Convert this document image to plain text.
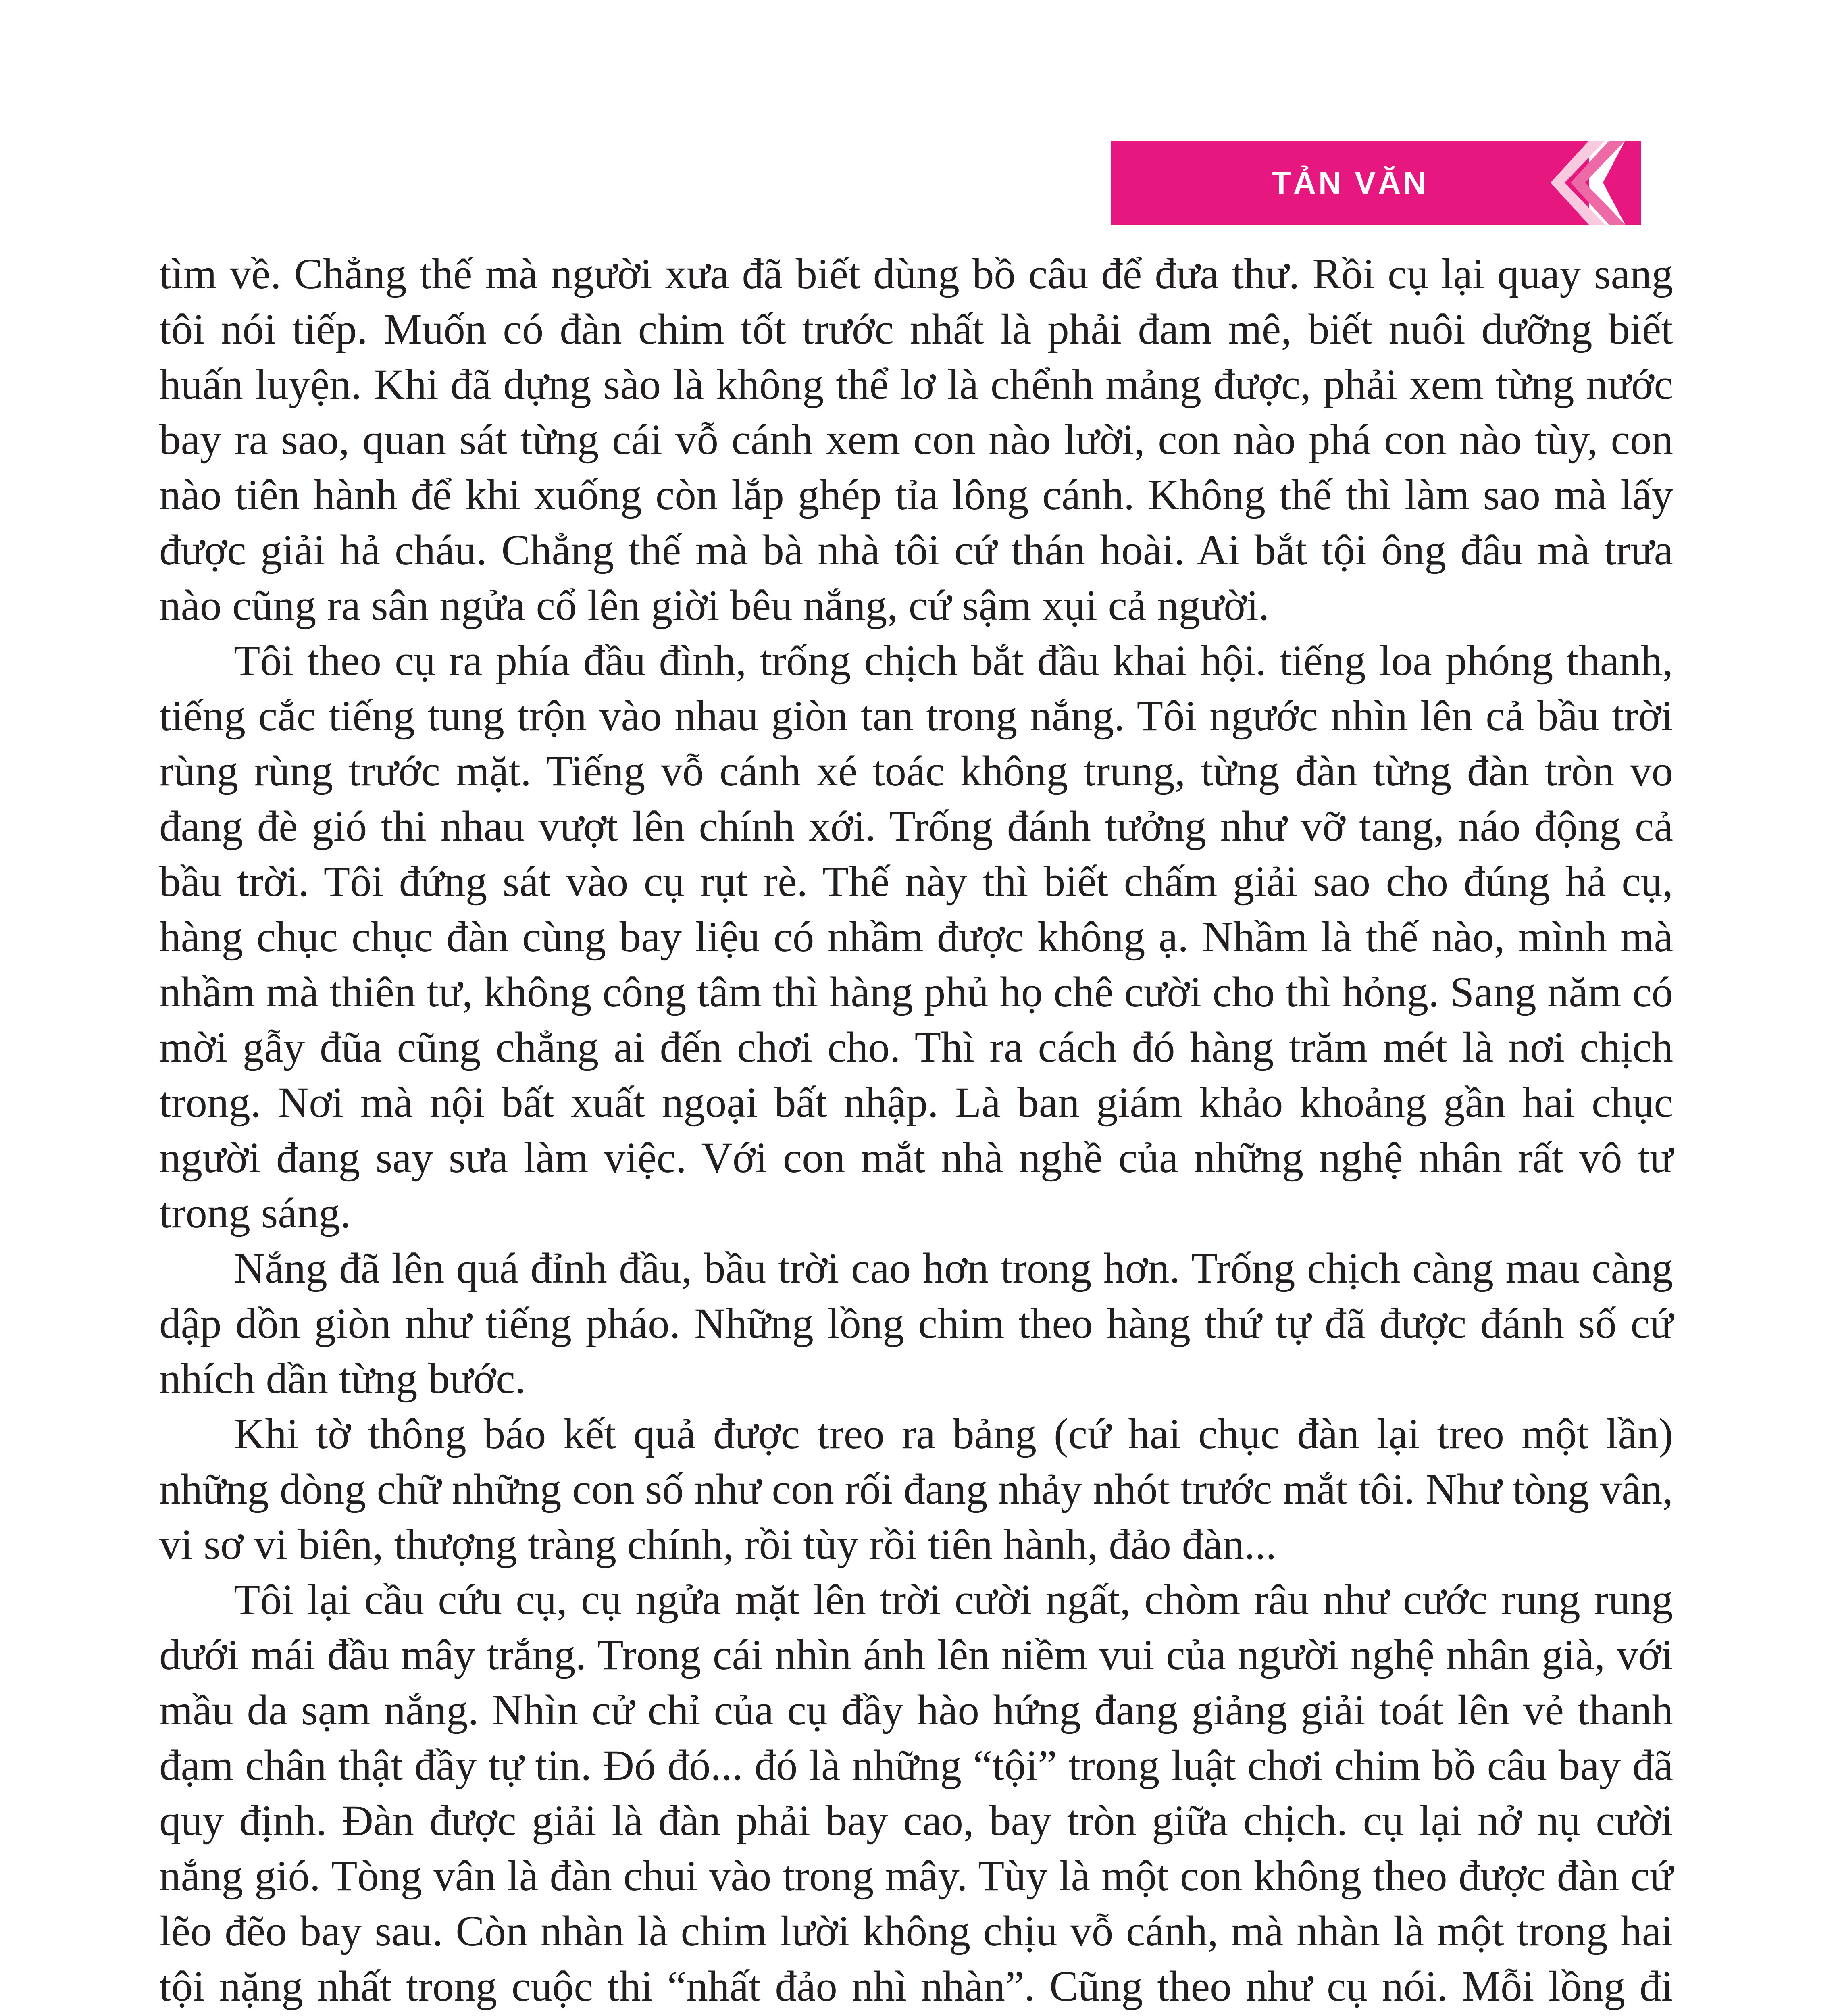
TẢN VĂN

tìm về. Chẳng thế mà người xưa đã biết dùng bồ câu để đưa thư. Rồi cụ lại quay sang tôi nói tiếp. Muốn có đàn chim tốt trước nhất là phải đam mê, biết nuôi dưỡng biết huấn luyện. Khi đã dựng sào là không thể lơ là chểnh mảng được, phải xem từng nước bay ra sao, quan sát từng cái vỗ cánh xem con nào lười, con nào phá con nào tùy, con nào tiên hành để khi xuống còn lắp ghép tỉa lông cánh. Không thế thì làm sao mà lấy được giải hả cháu. Chẳng thế mà bà nhà tôi cứ thán hoài. Ai bắt tội ông đâu mà trưa nào cũng ra sân ngửa cổ lên giời bêu nắng, cứ sậm xụi cả người.

Tôi theo cụ ra phía đầu đình, trống chịch bắt đầu khai hội. tiếng loa phóng thanh, tiếng cắc tiếng tung trộn vào nhau giòn tan trong nắng. Tôi ngước nhìn lên cả bầu trời rùng rùng trước mặt. Tiếng vỗ cánh xé toác không trung, từng đàn từng đàn tròn vo đang đè gió thi nhau vượt lên chính xới. Trống đánh tưởng như vỡ tang, náo động cả bầu trời. Tôi đứng sát vào cụ rụt rè. Thế này thì biết chấm giải sao cho đúng hả cụ, hàng chục chục đàn cùng bay liệu có nhầm được không ạ. Nhầm là thế nào, mình mà nhầm mà thiên tư, không công tâm thì hàng phủ họ chê cười cho thì hỏng. Sang năm có mời gẫy đũa cũng chẳng ai đến chơi cho. Thì ra cách đó hàng trăm mét là nơi chịch trong. Nơi mà nội bất xuất ngoại bất nhập. Là ban giám khảo khoảng gần hai chục người đang say sưa làm việc. Với con mắt nhà nghề của những nghệ nhân rất vô tư trong sáng.

Nắng đã lên quá đỉnh đầu, bầu trời cao hơn trong hơn. Trống chịch càng mau càng dập dồn giòn như tiếng pháo. Những lồng chim theo hàng thứ tự đã được đánh số cứ nhích dần từng bước.

Khi tờ thông báo kết quả được treo ra bảng (cứ hai chục đàn lại treo một lần) những dòng chữ những con số như con rối đang nhảy nhót trước mắt tôi. Như tòng vân, vi sơ vi biên, thượng tràng chính, rồi tùy rồi tiên hành, đảo đàn...

Tôi lại cầu cứu cụ, cụ ngửa mặt lên trời cười ngất, chòm râu như cước rung rung dưới mái đầu mây trắng. Trong cái nhìn ánh lên niềm vui của người nghệ nhân già, với mầu da sạm nắng. Nhìn cử chỉ của cụ đầy hào hứng đang giảng giải toát lên vẻ thanh đạm chân thật đầy tự tin. Đó đó... đó là những “tội” trong luật chơi chim bồ câu bay đã quy định. Đàn được giải là đàn phải bay cao, bay tròn giữa chịch. cụ lại nở nụ cười nắng gió. Tòng vân là đàn chui vào trong mây. Tùy là một con không theo được đàn cứ lẽo đẽo bay sau. Còn nhàn là chim lười không chịu vỗ cánh, mà nhàn là một trong hai tội nặng nhất trong cuộc thi “nhất đảo nhì nhàn”. Cũng theo như cụ nói. Mỗi lồng đi
